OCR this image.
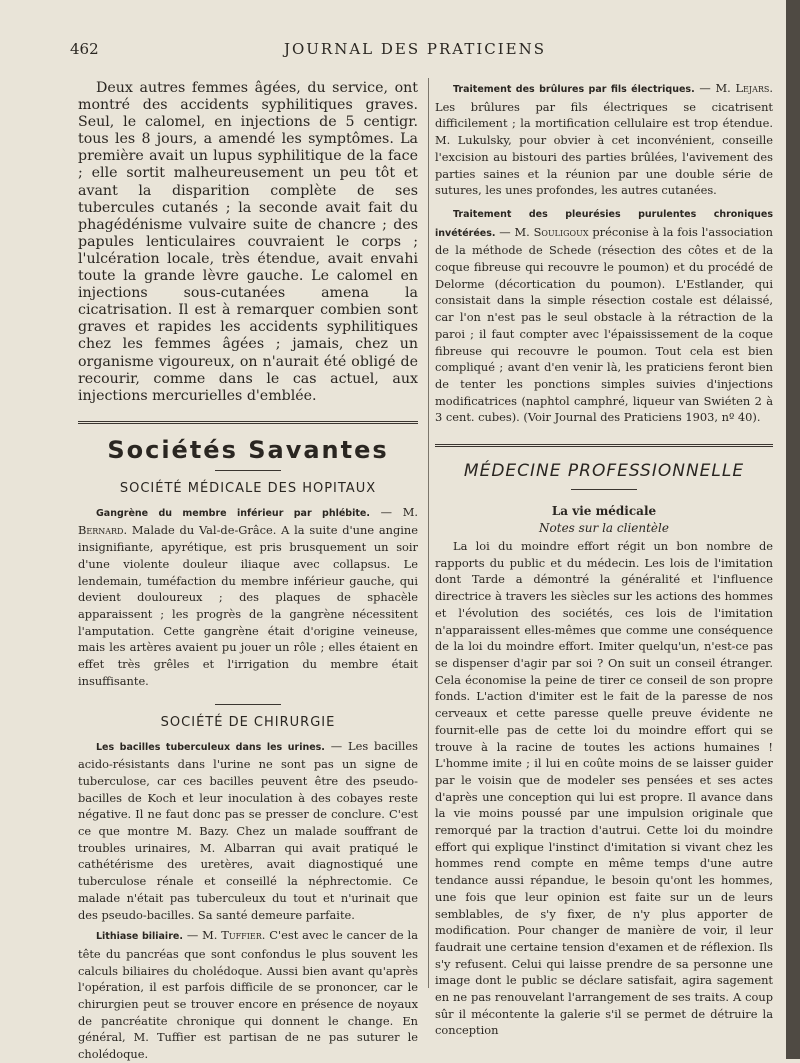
462	JOURNAL DES PRATICIENS

Deux autres femmes âgées, du service, ont montré des accidents syphilitiques graves. Seul, le calomel, en injections de 5 centigr. tous les 8 jours, a amendé les symptômes. La première avait un lupus syphilitique de la face ; elle sortit malheureusement un peu tôt et avant la disparition complète de ses tubercules cutanés ; la seconde avait fait du phagédénisme vulvaire suite de chancre ; des papules lenticulaires couvraient le corps ; l'ulcération locale, très étendue, avait envahi toute la grande lèvre gauche. Le calomel en injections sous-cutanées amena la cicatrisation. Il est à remarquer combien sont graves et rapides les accidents syphilitiques chez les femmes âgées ; jamais, chez un organisme vigoureux, on n'aurait été obligé de recourir, comme dans le cas actuel, aux injections mercurielles d'emblée.

Sociétés Savantes
SOCIÉTÉ MÉDICALE DES HOPITAUX

Gangrène du membre inférieur par phlébite. — M. Bernard. Malade du Val-de-Grâce. A la suite d'une angine insignifiante, apyrétique, est pris brusquement un soir d'une violente douleur iliaque avec collapsus. Le lendemain, tuméfaction du membre inférieur gauche, qui devient douloureux ; des plaques de sphacèle apparaissent ; les progrès de la gangrène nécessitent l'amputation. Cette gangrène était d'origine veineuse, mais les artères avaient pu jouer un rôle ; elles étaient en effet très grêles et l'irrigation du membre était insuffisante.

SOCIÉTÉ DE CHIRURGIE

Les bacilles tuberculeux dans les urines. — Les bacilles acido-résistants dans l'urine ne sont pas un signe de tuberculose, car ces bacilles peuvent être des pseudo-bacilles de Koch et leur inoculation à des cobayes reste négative. Il ne faut donc pas se presser de conclure. C'est ce que montre M. Bazy. Chez un malade souffrant de troubles urinaires, M. Albarran qui avait pratiqué le cathétérisme des uretères, avait diagnostiqué une tuberculose rénale et conseillé la néphrectomie. Ce malade n'était pas tuberculeux du tout et n'urinait que des pseudo-bacilles. Sa santé demeure parfaite.

Lithiase biliaire. — M. Tuffier. C'est avec le cancer de la tête du pancréas que sont confondus le plus souvent les calculs biliaires du cholédoque. Aussi bien avant qu'après l'opération, il est parfois difficile de se prononcer, car le chirurgien peut se trouver encore en présence de noyaux de pancréatite chronique qui donnent le change. En général, M. Tuffier est partisan de ne pas suturer le cholédoque.

Traitement des brûlures par fils électriques. — M. Lejars. Les brûlures par fils électriques se cicatrisent difficilement ; la mortification cellulaire est trop étendue. M. Lukulsky, pour obvier à cet inconvénient, conseille l'excision au bistouri des parties brûlées, l'avivement des parties saines et la réunion par une double série de sutures, les unes profondes, les autres cutanées.

Traitement des pleurésies purulentes chroniques invétérées. — M. Souligoux préconise à la fois l'association de la méthode de Schede (résection des côtes et de la coque fibreuse qui recouvre le poumon) et du procédé de Delorme (décortication du poumon). L'Estlander, qui consistait dans la simple résection costale est délaissé, car l'on n'est pas le seul obstacle à la rétraction de la paroi ; il faut compter avec l'épaississement de la coque fibreuse qui recouvre le poumon. Tout cela est bien compliqué ; avant d'en venir là, les praticiens feront bien de tenter les ponctions simples suivies d'injections modificatrices (naphtol camphré, liqueur van Swiéten 2 à 3 cent. cubes). (Voir Journal des Praticiens 1903, nº 40).

MÉDECINE PROFESSIONNELLE
La vie médicale
Notes sur la clientèle

La loi du moindre effort régit un bon nombre de rapports du public et du médecin. Les lois de l'imitation dont Tarde a démontré la généralité et l'influence directrice à travers les siècles sur les actions des hommes et l'évolution des sociétés, ces lois de l'imitation n'apparaissent elles-mêmes que comme une conséquence de la loi du moindre effort. Imiter quelqu'un, n'est-ce pas se dispenser d'agir par soi ? On suit un conseil étranger. Cela économise la peine de tirer ce conseil de son propre fonds. L'action d'imiter est le fait de la paresse de nos cerveaux et cette paresse quelle preuve évidente ne fournit-elle pas de cette loi du moindre effort qui se trouve à la racine de toutes les actions humaines ! L'homme imite ; il lui en coûte moins de se laisser guider par le voisin que de modeler ses pensées et ses actes d'après une conception qui lui est propre. Il avance dans la vie moins poussé par une impulsion originale que remorqué par la traction d'autrui. Cette loi du moindre effort qui explique l'instinct d'imitation si vivant chez les hommes rend compte en même temps d'une autre tendance aussi répandue, le besoin qu'ont les hommes, une fois que leur opinion est faite sur un de leurs semblables, de s'y fixer, de n'y plus apporter de modification. Pour changer de manière de voir, il leur faudrait une certaine tension d'examen et de réflexion. Ils s'y refusent. Celui qui laisse prendre de sa personne une image dont le public se déclare satisfait, agira sagement en ne pas renouvelant l'arrangement de ses traits. A coup sûr il mécontente la galerie s'il se permet de détruire la conception
